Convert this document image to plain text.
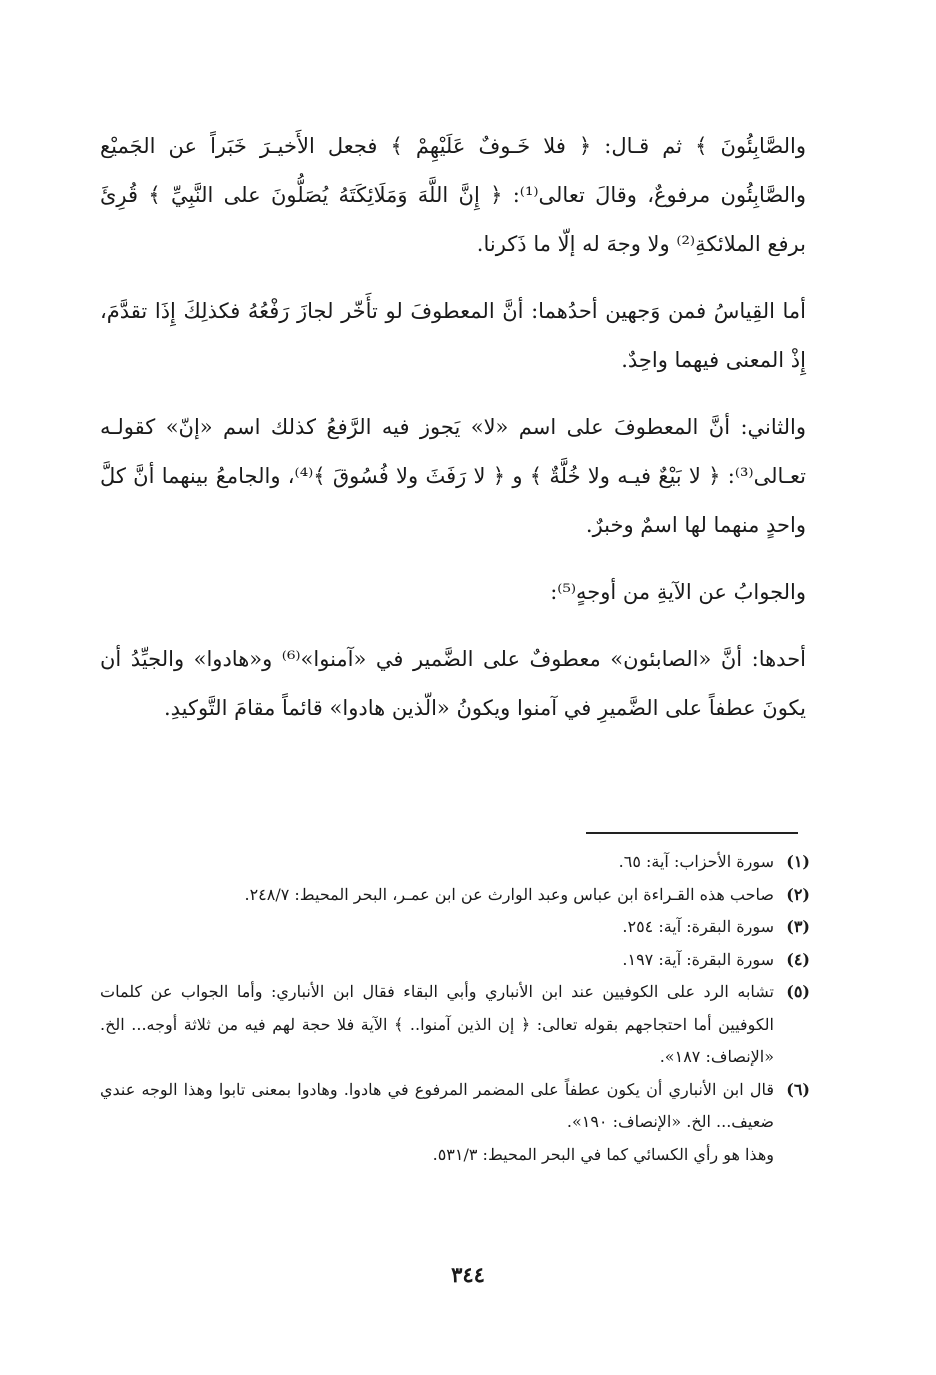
والصَّابِئُونَ ﴾ ثم قـال: ﴿ فلا خَـوفٌ عَلَيْهِمْ ﴾ فجعل الأَخيـرَ خَبَراً عن الجَميْع والصَّابِئُون مرفوعٌ، وقالَ تعالى⁽¹⁾: ﴿ إِنَّ اللَّهَ وَمَلَائِكَتَهُ يُصَلُّونَ على النَّبِيِّ ﴾ قُرِئَ برفع الملائكةِ⁽²⁾ ولا وجهَ له إلّا ما ذَكرنا.

أما القِياسُ فمن وَجهين أحدُهما: أنَّ المعطوفَ لو تأَخّر لجازَ رَفْعُهُ فكذلِكَ إِذَا تقدَّمَ، إِذْ المعنى فيهما واحِدٌ.

والثاني: أنَّ المعطوفَ على اسم «لا» يَجوز فيه الرَّفعُ كذلك اسم «إنّ» كقولـه تعـالى⁽³⁾: ﴿ لا بَيْعٌ فيـه ولا خُلَّةٌ ﴾ و ﴿ لا رَفَثَ ولا فُسُوقَ ﴾⁽⁴⁾، والجامعُ بينهما أنَّ كلَّ واحدٍ منهما لها اسمٌ وخبرٌ.

والجوابُ عن الآيةِ من أوجهٍ⁽⁵⁾:

أحدها: أنَّ «الصابئون» معطوفٌ على الضَّمير في «آمنوا»⁽⁶⁾ و«هادوا» والجيِّدُ أن يكونَ عطفاً على الضَّميرِ في آمنوا ويكونُ «الّذين هادوا» قائماً مقامَ التَّوكيدِ.

(١)
سورة الأحزاب: آية: ٦٥.

(٢)
صاحب هذه القـراءة ابن عباس وعبد الوارث عن ابن عمـر، البحر المحيط: ٢٤٨/٧.

(٣)
سورة البقرة: آية: ٢٥٤.

(٤)
سورة البقرة: آية: ١٩٧.

(٥)
تشابه الرد على الكوفيين عند ابن الأنباري وأبي البقاء فقال ابن الأنباري: وأما الجواب عن كلمات الكوفيين أما احتجاجهم بقوله تعالى: ﴿ إن الذين آمنوا.. ﴾ الآية فلا حجة لهم فيه من ثلاثة أوجه... الخ. «الإنصاف: ١٨٧».

(٦)
قال ابن الأنباري أن يكون عطفاً على المضمر المرفوع في هادوا. وهادوا بمعنى تابوا وهذا الوجه عندي ضعيف... الخ. «الإنصاف: ١٩٠».

وهذا هو رأي الكسائي كما في البحر المحيط: ٥٣١/٣.

٣٤٤
